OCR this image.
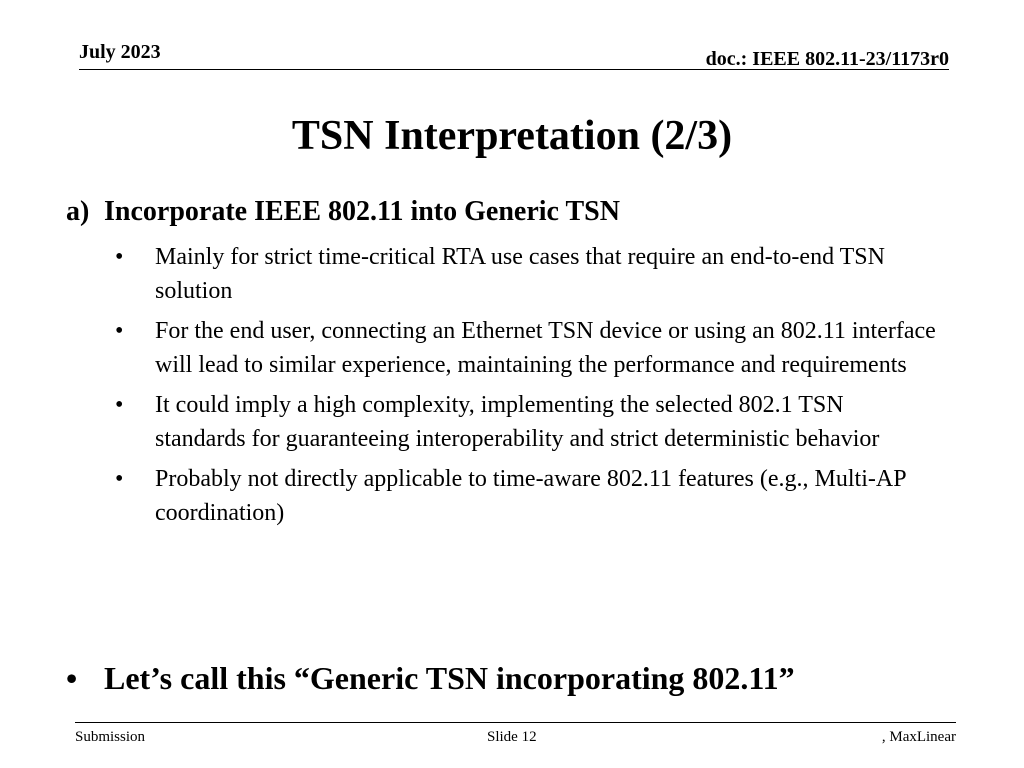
July 2023	doc.: IEEE 802.11-23/1173r0
TSN Interpretation (2/3)
a) Incorporate IEEE 802.11 into Generic TSN
• Mainly for strict time-critical RTA use cases that require an end-to-end TSN solution
• For the end user, connecting an Ethernet TSN device or using an 802.11 interface will lead to similar experience, maintaining the performance and requirements
• It could imply a high complexity, implementing the selected 802.1 TSN standards for guaranteeing interoperability and strict deterministic behavior
• Probably not directly applicable to time-aware 802.11 features (e.g., Multi-AP coordination)
• Let’s call this “Generic TSN incorporating 802.11”
Submission	Slide 12	, MaxLinear
